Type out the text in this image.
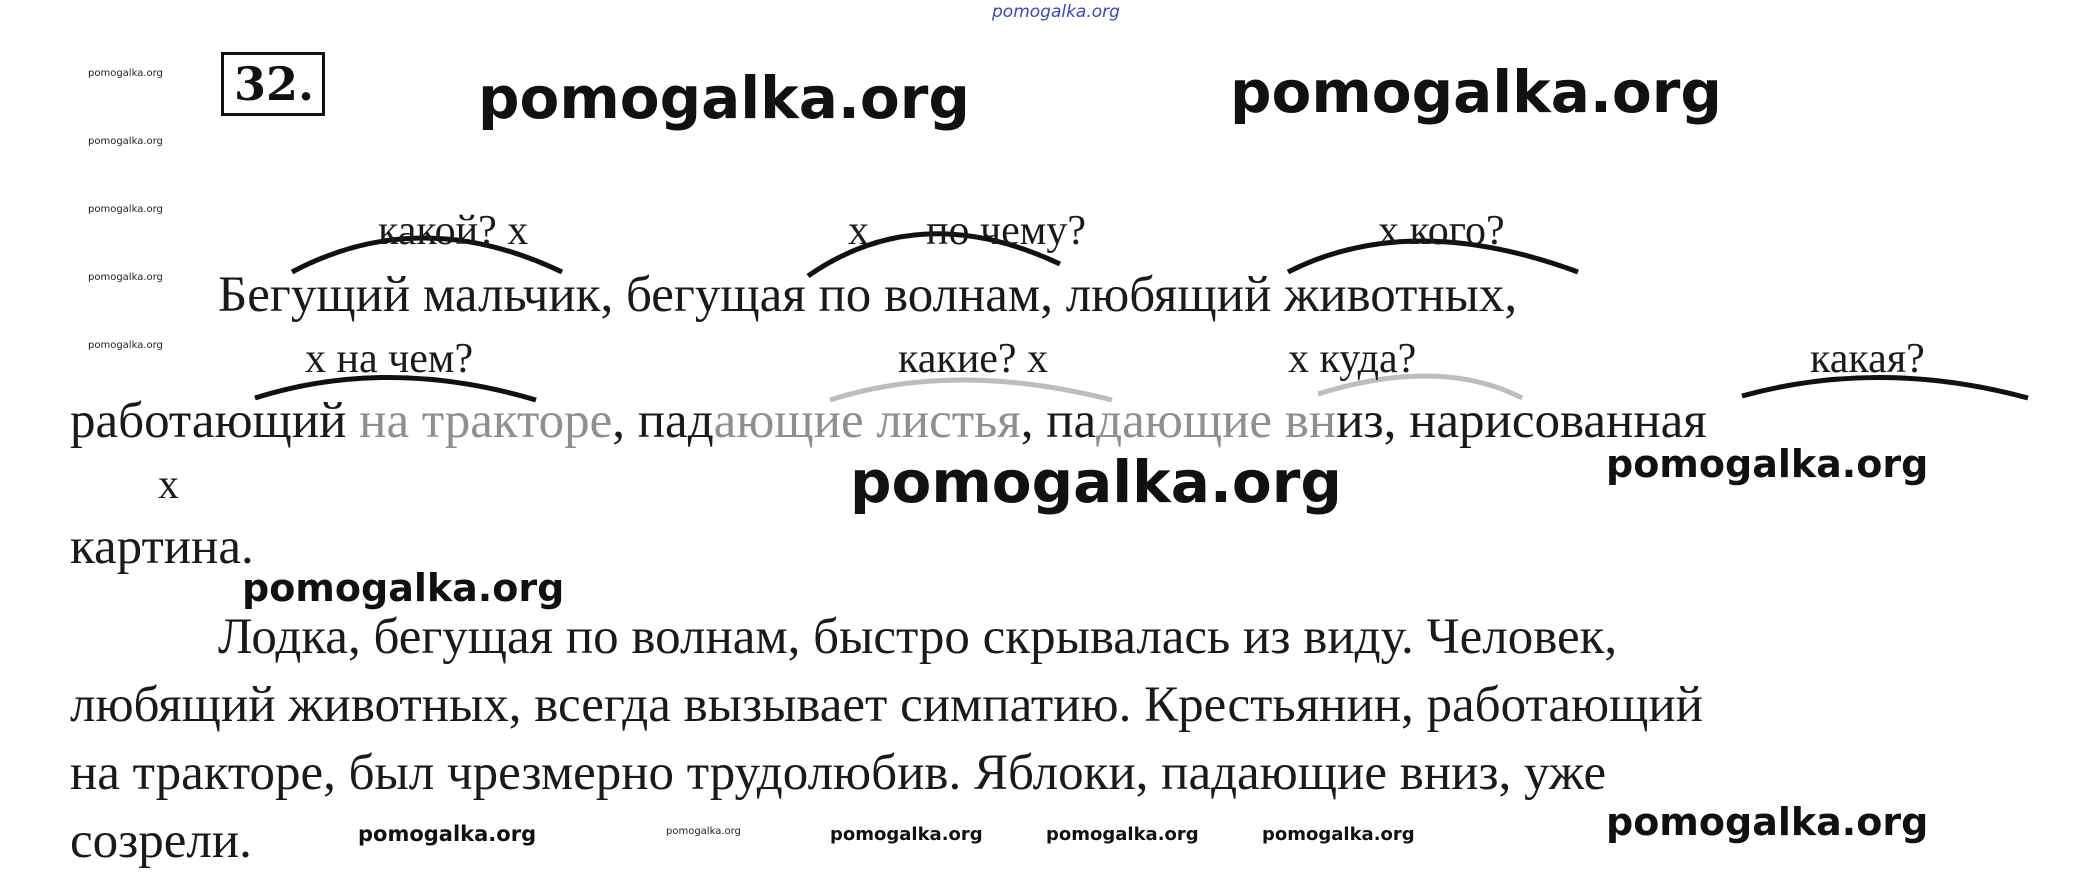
pomogalka.org
pomogalka.org
pomogalka.org
pomogalka.org
pomogalka.org
pomogalka.org
32.	pomogalka.org	pomogalka.org
какой? х	х по чему?	х кого?
Бегущий мальчик, бегущая по волнам, любящий животных,
х на чем?	какие? х	х куда?	какая?
работающий на тракторе, падающие листья, падающие вниз, нарисованная
х	pomogalka.org	pomogalka.org
картина.
pomogalka.org
Лодка, бегущая по волнам, быстро скрывалась из виду. Человек,
любящий животных, всегда вызывает симпатию. Крестьянин, работающий
на тракторе, был чрезмерно трудолюбив. Яблоки, падающие вниз, уже
созрели.	pomogalka.org
pomogalka.org	pomogalka.org	pomogalka.org	pomogalka.org	pomogalka.org
